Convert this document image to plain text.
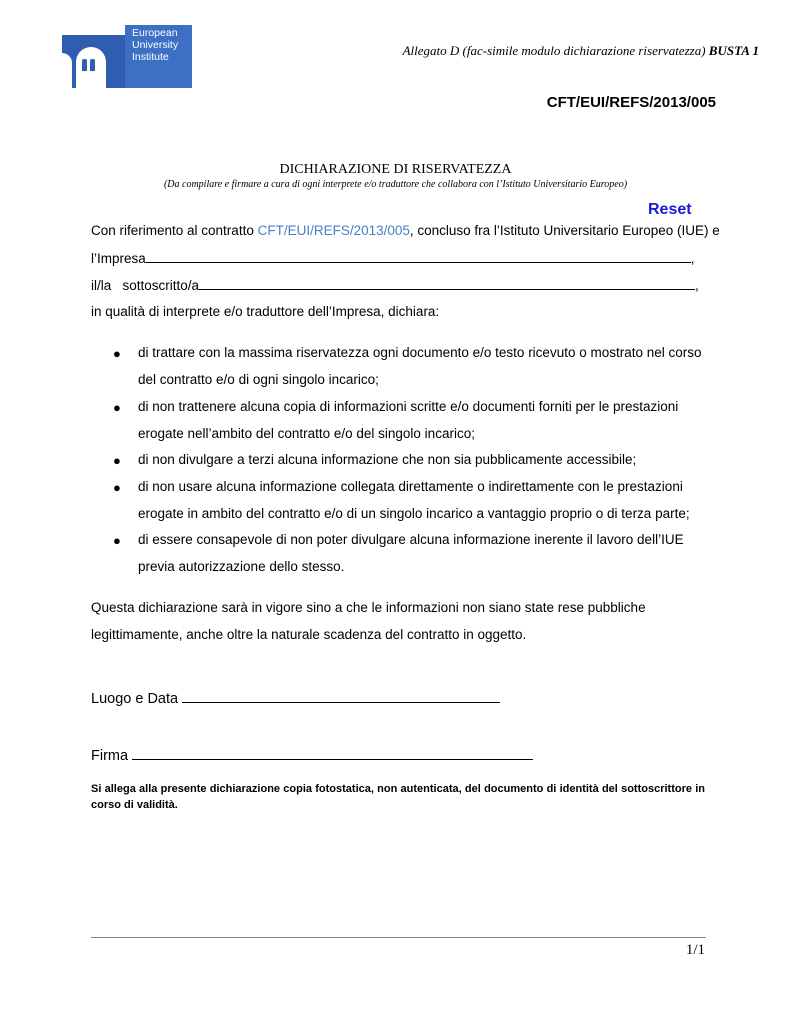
European
University
Institute	Allegato D (fac-simile modulo dichiarazione riservatezza) BUSTA 1
CFT/EUI/REFS/2013/005
DICHIARAZIONE DI RISERVATEZZA
(Da compilare e firmare a cura di ogni interprete e/o traduttore che collabora con l’Istituto Universitario Europeo)
Reset
Con riferimento al contratto CFT/EUI/REFS/2013/005, concluso fra l’Istituto Universitario Europeo (IUE) e
l’Impresa	,
il/la   sottoscritto/a	,
in qualità di interprete e/o traduttore dell’Impresa, dichiara:
● di trattare con la massima riservatezza ogni documento e/o testo ricevuto o mostrato nel corso
del contratto e/o di ogni singolo incarico;
● di non trattenere alcuna copia di informazioni scritte e/o documenti forniti per le prestazioni
erogate nell’ambito del contratto e/o del singolo incarico;
● di non divulgare a terzi alcuna informazione che non sia pubblicamente accessibile;
● di non usare alcuna informazione collegata direttamente o indirettamente con le prestazioni
erogate in ambito del contratto e/o di un singolo incarico a vantaggio proprio o di terza parte;
● di essere consapevole di non poter divulgare alcuna informazione inerente il lavoro dell’IUE
previa autorizzazione dello stesso.
Questa dichiarazione sarà in vigore sino a che le informazioni non siano state rese pubbliche
legittimamente, anche oltre la naturale scadenza del contratto in oggetto.
Luogo e Data
Firma
Si allega alla presente dichiarazione copia fotostatica, non autenticata, del documento di identità del sottoscrittore in corso di validità.
1/1
